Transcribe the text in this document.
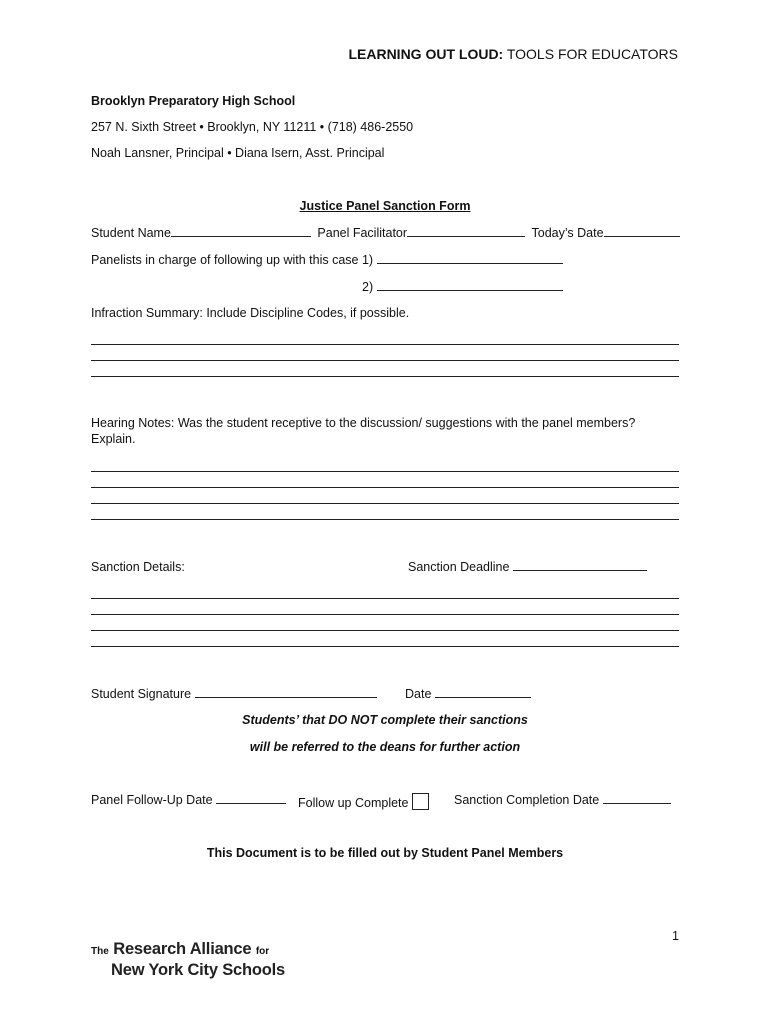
LEARNING OUT LOUD: TOOLS FOR EDUCATORS
Brooklyn Preparatory High School
257 N. Sixth Street • Brooklyn, NY 11211 • (718) 486-2550
Noah Lansner, Principal • Diana Isern, Asst. Principal
Justice Panel Sanction Form
Student Name	Panel Facilitator	Today’s Date
Panelists in charge of following up with this case 1)
2)
Infraction Summary: Include Discipline Codes, if possible.
Hearing Notes: Was the student receptive to the discussion/ suggestions with the panel members?
Explain.
Sanction Details:	Sanction Deadline
Student Signature	Date
Students’ that DO NOT complete their sanctions
will be referred to the deans for further action
Panel Follow-Up Date	Follow up Complete	Sanction Completion Date
This Document is to be filled out by Student Panel Members
1
The Research Alliance for
New York City Schools
